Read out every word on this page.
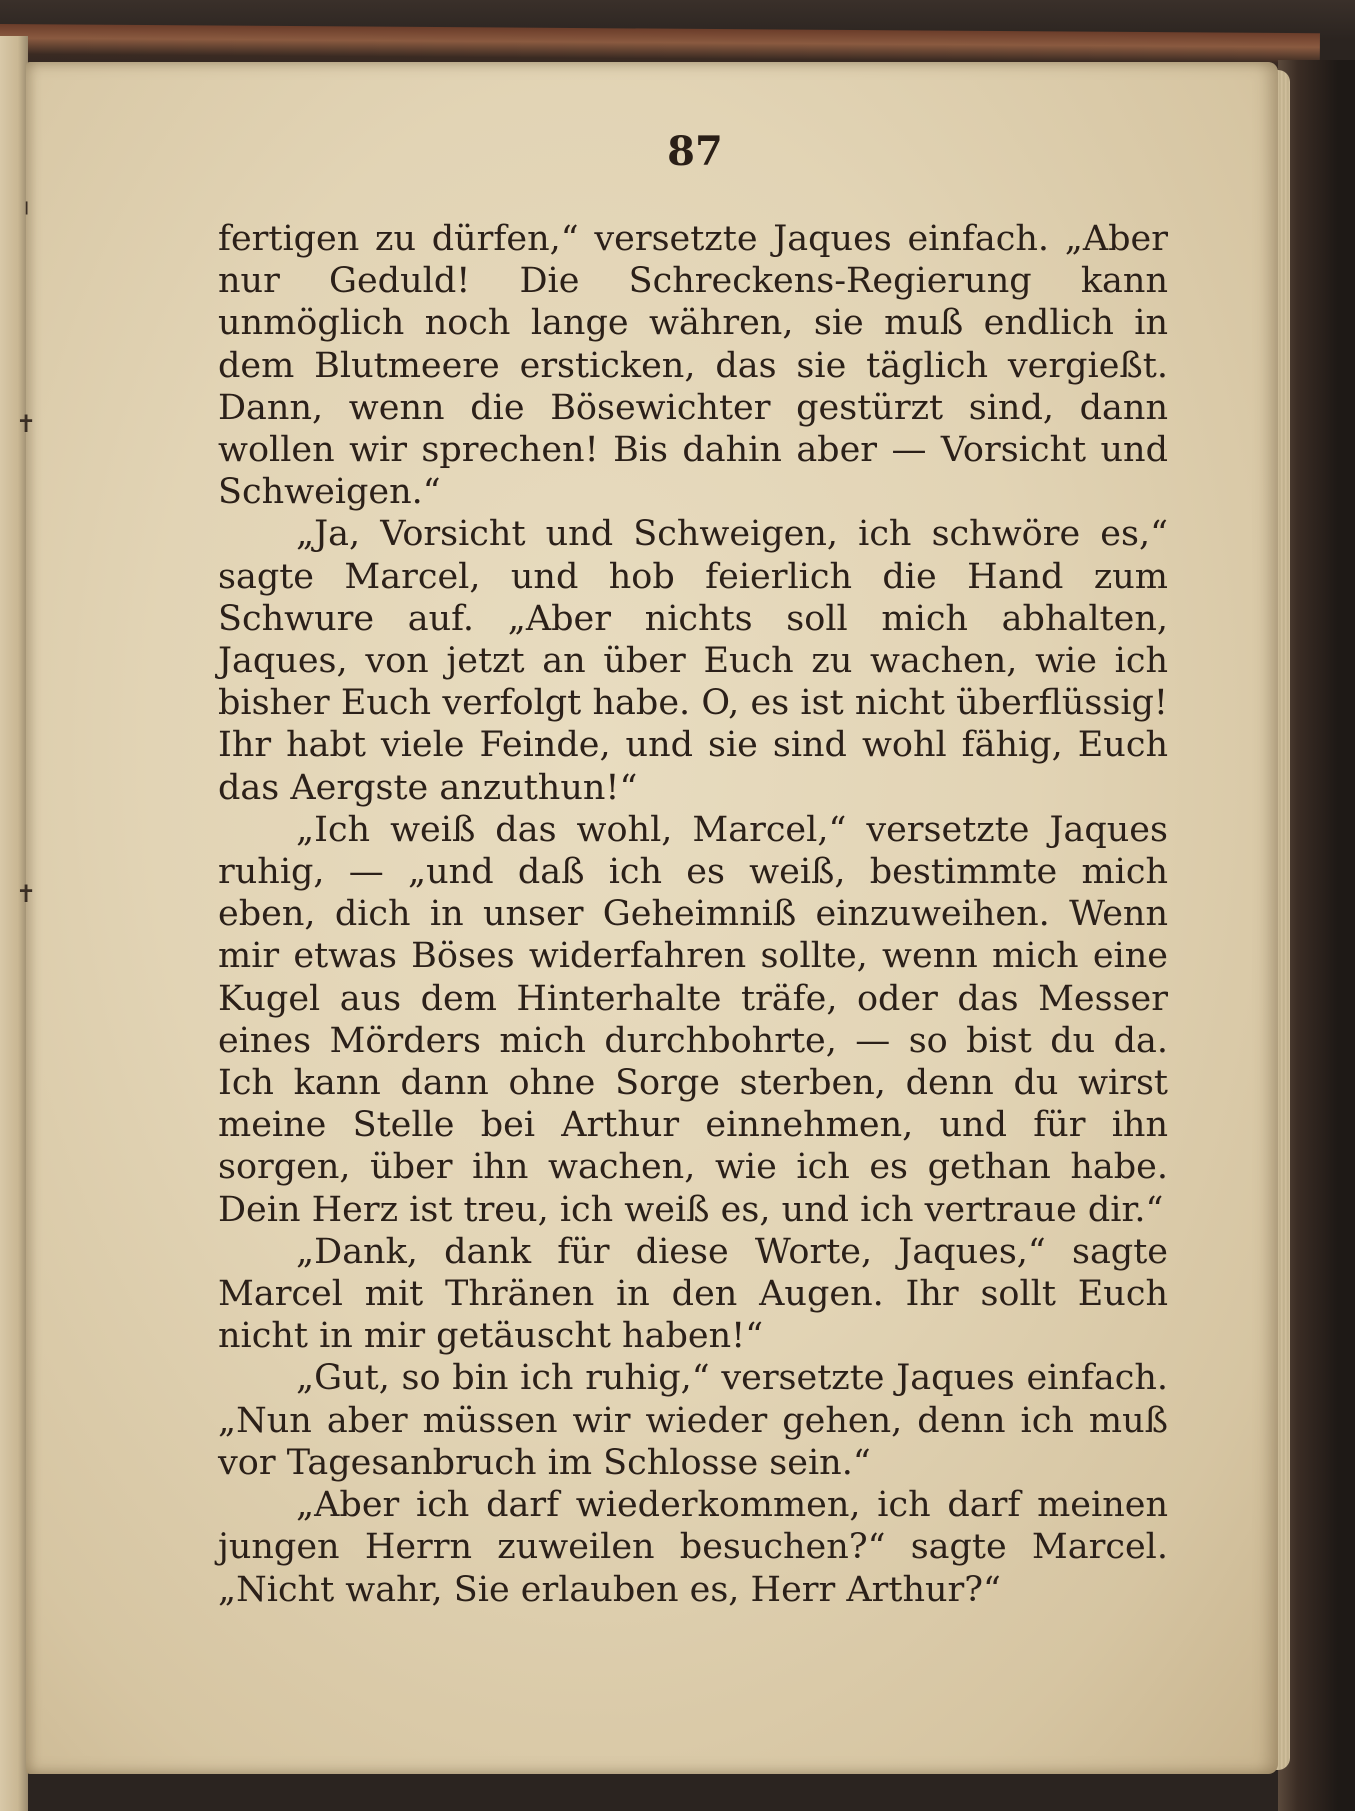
╷
✝
✝
87

fertigen zu dürfen,“ versetzte Jaques einfach. „Aber nur Geduld! Die Schreckens-Regierung kann unmöglich noch lange währen, sie muß endlich in dem Blutmeere ersticken, das sie täglich vergießt. Dann, wenn die Bösewichter gestürzt sind, dann wollen wir sprechen! Bis dahin aber — Vorsicht und Schweigen.“

„Ja, Vorsicht und Schweigen, ich schwöre es,“ sagte Marcel, und hob feierlich die Hand zum Schwure auf. „Aber nichts soll mich abhalten, Jaques, von jetzt an über Euch zu wachen, wie ich bisher Euch verfolgt habe. O, es ist nicht überflüssig! Ihr habt viele Feinde, und sie sind wohl fähig, Euch das Aergste anzuthun!“

„Ich weiß das wohl, Marcel,“ versetzte Jaques ruhig, — „und daß ich es weiß, bestimmte mich eben, dich in unser Geheimniß einzuweihen. Wenn mir etwas Böses widerfahren sollte, wenn mich eine Kugel aus dem Hinterhalte träfe, oder das Messer eines Mörders mich durchbohrte, — so bist du da. Ich kann dann ohne Sorge sterben, denn du wirst meine Stelle bei Arthur einnehmen, und für ihn sorgen, über ihn wachen, wie ich es gethan habe. Dein Herz ist treu, ich weiß es, und ich vertraue dir.“

„Dank, dank für diese Worte, Jaques,“ sagte Marcel mit Thränen in den Augen. Ihr sollt Euch nicht in mir getäuscht haben!“

„Gut, so bin ich ruhig,“ versetzte Jaques einfach. „Nun aber müssen wir wieder gehen, denn ich muß vor Tagesanbruch im Schlosse sein.“

„Aber ich darf wiederkommen, ich darf meinen jungen Herrn zuweilen besuchen?“ sagte Marcel. „Nicht wahr, Sie erlauben es, Herr Arthur?“
